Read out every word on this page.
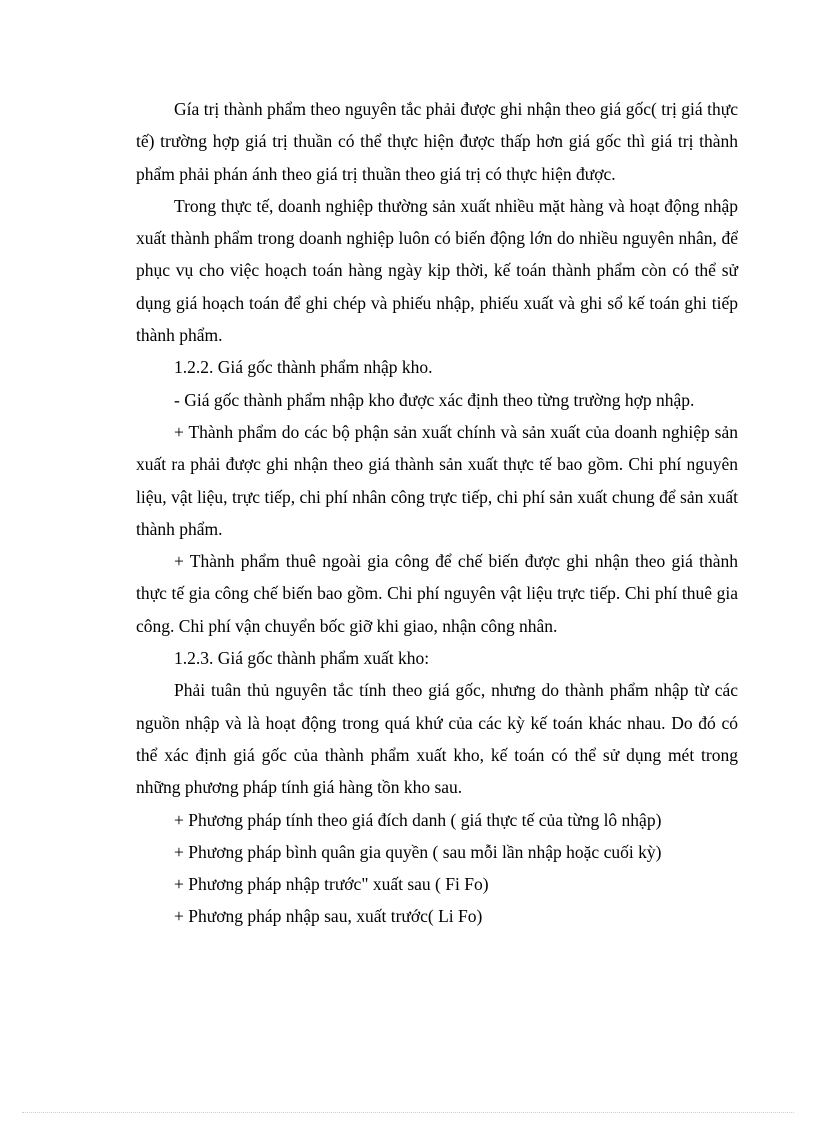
Gía trị thành phẩm theo nguyên tắc phải được ghi nhận theo giá gốc( trị giá thực tế) trường hợp giá trị thuần có thể thực hiện được thấp hơn giá gốc thì giá trị thành phẩm phải phán ánh theo giá trị thuần theo giá trị có thực hiện được.

Trong thực tế, doanh nghiệp thường sản xuất nhiều mặt hàng và hoạt động nhập xuất thành phẩm trong doanh nghiệp luôn có biến động lớn do nhiều nguyên nhân, để phục vụ cho việc hoạch toán hàng ngày kịp thời, kế toán thành phẩm còn có thể sử dụng giá hoạch toán để ghi chép và phiếu nhập, phiếu xuất và ghi sổ kế toán ghi tiếp thành phẩm.

1.2.2. Giá gốc thành phẩm nhập kho.

- Giá gốc thành phẩm nhập kho được xác định theo từng trường hợp nhập.

+ Thành phẩm do các bộ phận sản xuất chính và sản xuất của doanh nghiệp sản xuất ra phải được ghi nhận theo giá thành sản xuất thực tế bao gồm. Chi phí nguyên liệu, vật liệu, trực tiếp, chi phí nhân công trực tiếp, chi phí sản xuất chung để sản xuất thành phẩm.

+ Thành phẩm thuê ngoài gia công để chế biến được ghi nhận theo giá thành thực tế gia công chế biến bao gồm. Chi phí nguyên vật liệu trực tiếp. Chi phí thuê gia công. Chi phí vận chuyển bốc giỡ khi giao, nhận công nhân.

1.2.3. Giá gốc thành phẩm xuất kho:

Phải tuân thủ nguyên tắc tính theo giá gốc, nhưng do thành phẩm nhập từ các nguồn nhập và là hoạt động trong quá khứ của các kỳ kế toán khác nhau. Do đó có thể xác định giá gốc của thành phẩm xuất kho, kế toán có thể sử dụng mét trong những phương pháp tính giá hàng tồn kho sau.

+ Phương pháp tính theo giá đích danh ( giá thực tế của từng lô nhập)

+ Phương pháp bình quân gia quyền ( sau mỗi lần nhập hoặc cuối kỳ)

+ Phương pháp nhập trước" xuất sau ( Fi Fo)

+ Phương pháp nhập sau, xuất trước( Li Fo)
